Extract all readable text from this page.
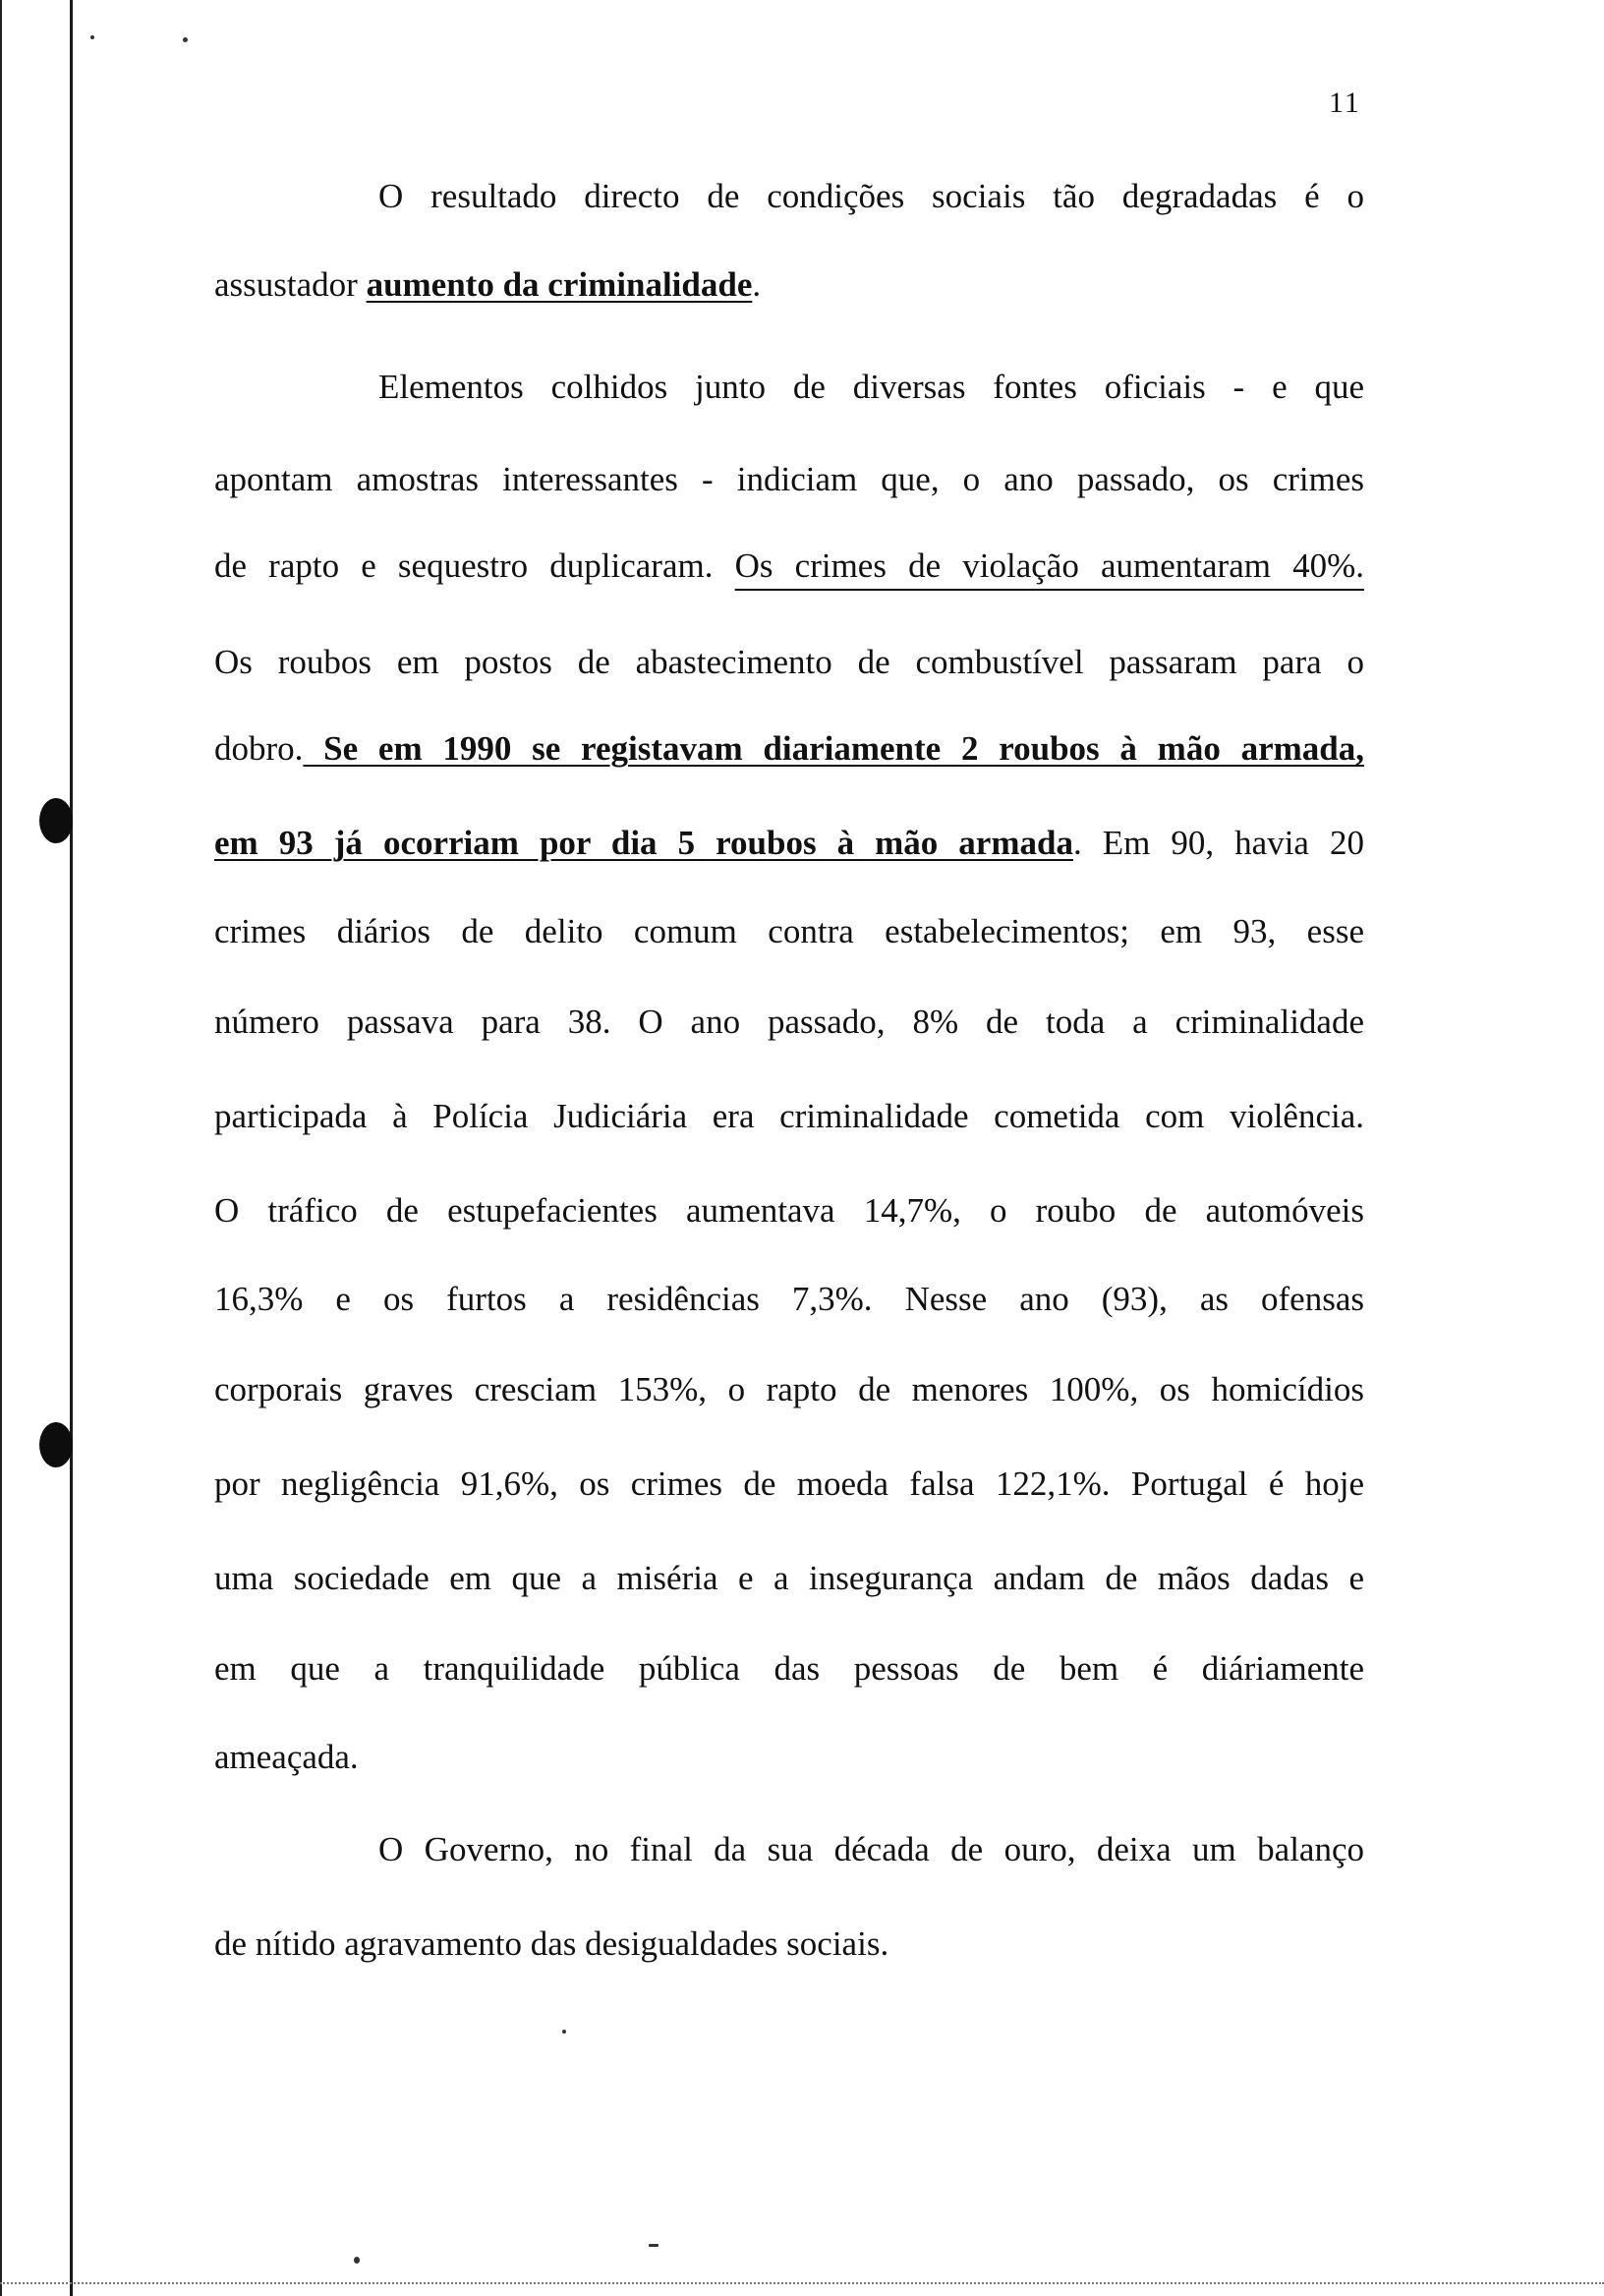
11

O resultado directo de condições sociais tão degradadas é o

assustador aumento da criminalidade.

Elementos colhidos junto de diversas fontes oficiais - e que

apontam amostras interessantes - indiciam que, o ano passado, os crimes

de rapto e sequestro duplicaram. Os crimes de violação aumentaram 40%.

Os roubos em postos de abastecimento de combustível passaram para o

dobro. Se em 1990 se registavam diariamente 2 roubos à mão armada,

em 93 já ocorriam por dia 5 roubos à mão armada. Em 90, havia 20

crimes diários de delito comum contra estabelecimentos; em 93, esse

número passava para 38. O ano passado, 8% de toda a criminalidade

participada à Polícia Judiciária era criminalidade cometida com violência.

O tráfico de estupefacientes aumentava 14,7%, o roubo de automóveis

16,3% e os furtos a residências 7,3%. Nesse ano (93), as ofensas

corporais graves cresciam 153%, o rapto de menores 100%, os homicídios

por negligência 91,6%, os crimes de moeda falsa 122,1%. Portugal é hoje

uma sociedade em que a miséria e a insegurança andam de mãos dadas e

em que a tranquilidade pública das pessoas de bem é diáriamente

ameaçada.

O Governo, no final da sua década de ouro, deixa um balanço

de nítido agravamento das desigualdades sociais.
